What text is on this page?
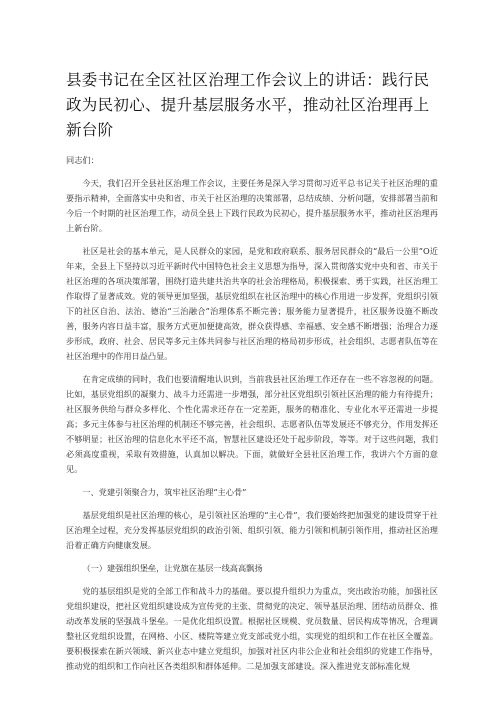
县委书记在全区社区治理工作会议上的讲话：践行民政为民初心、提升基层服务水平，推动社区治理再上新台阶

同志们：

今天，我们召开全县社区治理工作会议，主要任务是深入学习贯彻习近平总书记关于社区治理的重要指示精神，全面落实中央和省、市关于社区治理的决策部署，总结成绩、分析问题，安排部署当前和今后一个时期的社区治理工作，动员全县上下践行民政为民初心，提升基层服务水平，推动社区治理再上新台阶。

社区是社会的基本单元，是人民群众的家园，是党和政府联系、服务居民群众的“最后一公里”O近年来，全县上下坚持以习近平新时代中国特色社会主义思想为指导，深入贯彻落实党中央和省、市关于社区治理的各项决策部署，围绕打造共建共治共享的社会治理格局，积极探索、勇于实践，社区治理工作取得了显著成效。党的领导更加坚强，基层党组织在社区治理中的核心作用进一步发挥，党组织引领下的社区自治、法治、德治“三治融合”治理体系不断完善；服务能力显著提升，社区服务设施不断改善，服务内容日益丰富，服务方式更加便捷高效，群众获得感、幸福感、安全感不断增强；治理合力逐步形成，政府、社会、居民等多元主体共同参与社区治理的格局初步形成，社会组织、志愿者队伍等在社区治理中的作用日益凸显。

在肯定成绩的同时，我们也要清醒地认识到，当前我县社区治理工作还存在一些不容忽视的问题。比如，基层党组织的凝聚力、战斗力还需进一步增强，部分社区党组织引领社区治理的能力有待提升；社区服务供给与群众多样化、个性化需求还存在一定差距，服务的精准化、专业化水平还需进一步提高；多元主体参与社区治理的机制还不够完善，社会组织、志愿者队伍等发展还不够充分，作用发挥还不够明显；社区治理的信息化水平还不高，智慧社区建设还处于起步阶段，等等。对于这些问题，我们必须高度重视，采取有效措施，认真加以解决。下面，就做好全县社区治理工作，我讲六个方面的意见。

一、党建引领聚合力，筑牢社区治理“主心骨”

基层党组织是社区治理的核心，是引领社区治理的“主心骨”，我们要始终把加强党的建设贯穿于社区治理全过程，充分发挥基层党组织的政治引领、组织引领、能力引领和机制引领作用，推动社区治理沿着正确方向健康发展。

（一）建强组织堡垒，让党旗在基层一线高高飘扬

党的基层组织是党的全部工作和战斗力的基础。要以提升组织力为重点，突出政治功能，加强社区党组织建设，把社区党组织建设成为宣传党的主张、贯彻党的决定、领导基层治理、团结动员群众、推动改革发展的坚强战斗堡垒。一是优化组织设置。根据社区规模、党员数量、居民构成等情况，合理调整社区党组织设置，在网格、小区、楼院等建立党支部或党小组，实现党的组织和工作在社区全覆盖。要积极探索在新兴领域、新兴业态中建立党组织，加强对社区内非公企业和社会组织的党建工作指导，推动党的组织和工作向社区各类组织和群体延伸。二是加强支部建设。深入推进党支部标准化规
